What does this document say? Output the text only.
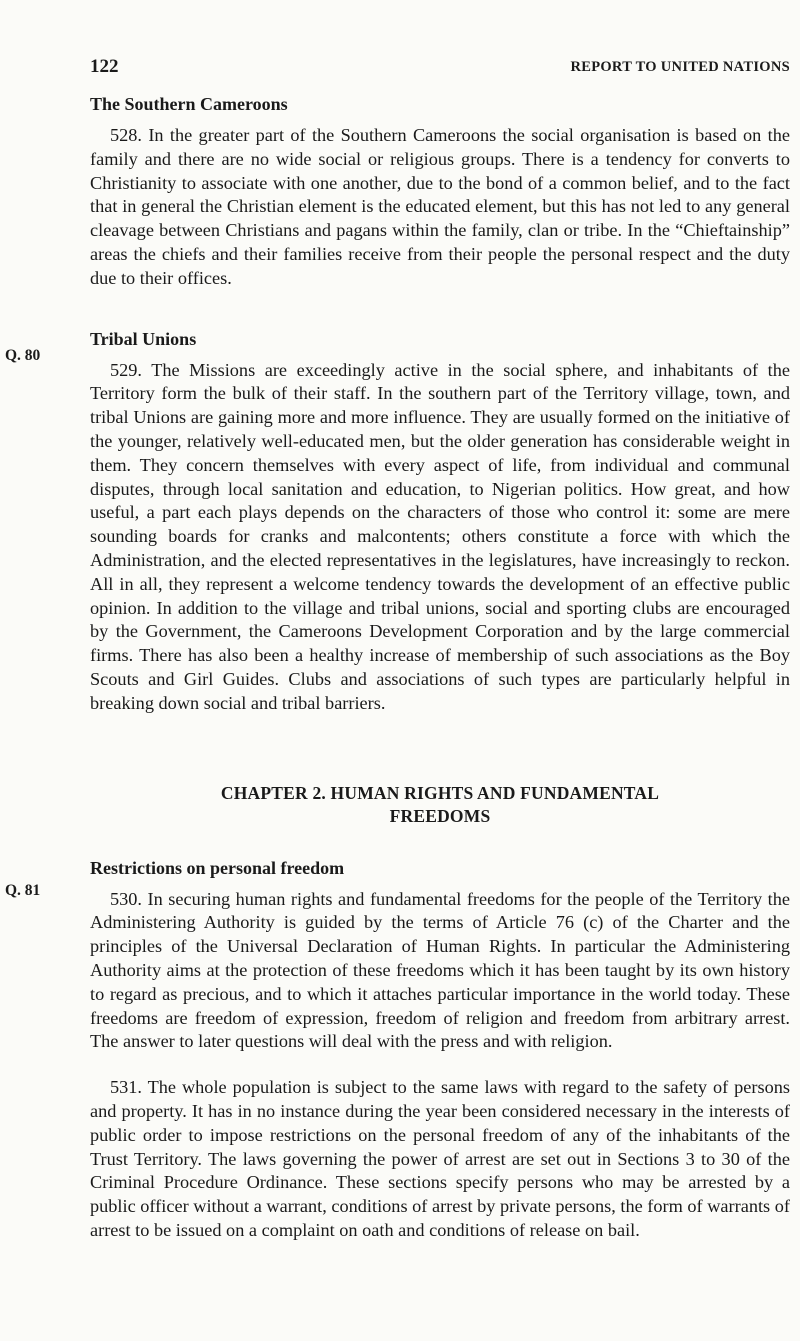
122	REPORT TO UNITED NATIONS
Q. 80
Q. 81
The Southern Cameroons

528. In the greater part of the Southern Cameroons the social organisation is based on the family and there are no wide social or religious groups. There is a tendency for converts to Christianity to associate with one another, due to the bond of a common belief, and to the fact that in general the Christian element is the educated element, but this has not led to any general cleavage between Christians and pagans within the family, clan or tribe. In the “Chieftainship” areas the chiefs and their families receive from their people the personal respect and the duty due to their offices.

Tribal Unions

529. The Missions are exceedingly active in the social sphere, and inhabitants of the Territory form the bulk of their staff. In the southern part of the Territory village, town, and tribal Unions are gaining more and more influence. They are usually formed on the initiative of the younger, relatively well-educated men, but the older generation has considerable weight in them. They concern themselves with every aspect of life, from individual and communal disputes, through local sanitation and education, to Nigerian politics. How great, and how useful, a part each plays depends on the characters of those who control it: some are mere sounding boards for cranks and malcontents; others constitute a force with which the Administration, and the elected representatives in the legislatures, have increasingly to reckon. All in all, they represent a welcome tendency towards the development of an effective public opinion. In addition to the village and tribal unions, social and sporting clubs are encouraged by the Government, the Cameroons Development Corporation and by the large commercial firms. There has also been a healthy increase of membership of such associations as the Boy Scouts and Girl Guides. Clubs and associations of such types are particularly helpful in breaking down social and tribal barriers.

CHAPTER 2. HUMAN RIGHTS AND FUNDAMENTAL

FREEDOMS

Restrictions on personal freedom

530. In securing human rights and fundamental freedoms for the people of the Territory the Administering Authority is guided by the terms of Article 76 (c) of the Charter and the principles of the Universal Declaration of Human Rights. In particular the Administering Authority aims at the protection of these freedoms which it has been taught by its own history to regard as precious, and to which it attaches particular importance in the world today. These freedoms are freedom of expression, freedom of religion and freedom from arbitrary arrest. The answer to later questions will deal with the press and with religion.

531. The whole population is subject to the same laws with regard to the safety of persons and property. It has in no instance during the year been considered necessary in the interests of public order to impose restrictions on the personal freedom of any of the inhabitants of the Trust Territory. The laws governing the power of arrest are set out in Sections 3 to 30 of the Criminal Procedure Ordinance. These sections specify persons who may be arrested by a public officer without a warrant, conditions of arrest by private persons, the form of warrants of arrest to be issued on a complaint on oath and conditions of release on bail.
